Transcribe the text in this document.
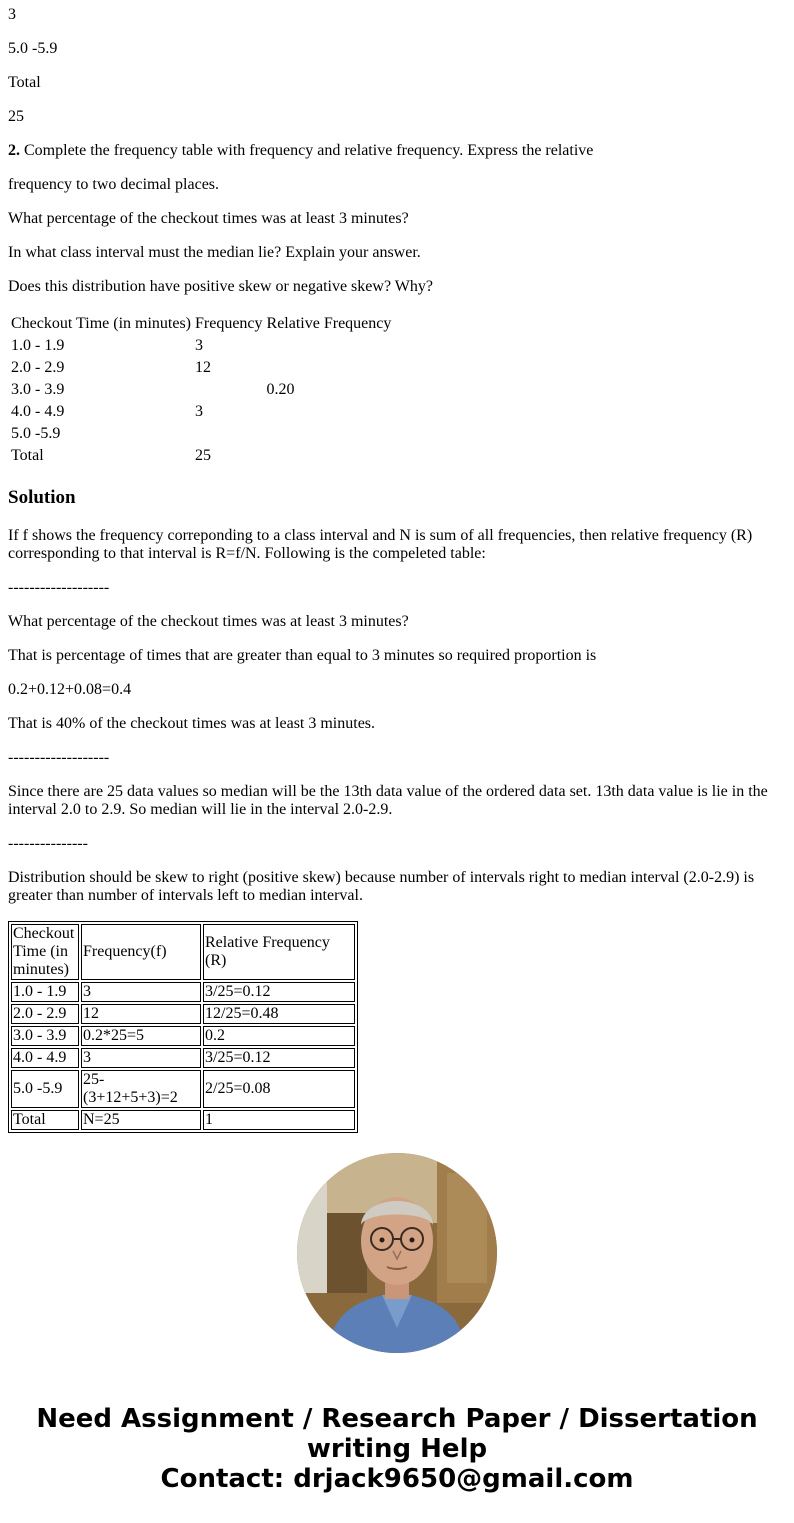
3

5.0 -5.9

Total

25

2. Complete the frequency table with frequency and relative frequency. Express the relative

frequency to two decimal places.

What percentage of the checkout times was at least 3 minutes?

In what class interval must the median lie? Explain your answer.

Does this distribution have positive skew or negative skew? Why?

Checkout Time (in minutes)	Frequency	Relative Frequency
1.0 - 1.9	3	
2.0 - 2.9	12	
3.0 - 3.9		0.20
4.0 - 4.9	3	
5.0 -5.9		
Total	25	
Solution

If f shows the frequency correponding to a class interval and N is sum of all frequencies, then relative frequency (R) corresponding to that interval is R=f/N. Following is the compeleted table:

-------------------

What percentage of the checkout times was at least 3 minutes?

That is percentage of times that are greater than equal to 3 minutes so required proportion is

0.2+0.12+0.08=0.4

That is 40% of the checkout times was at least 3 minutes.

-------------------

Since there are 25 data values so median will be the 13th data value of the ordered data set. 13th data value is lie in the interval 2.0 to 2.9. So median will lie in the interval 2.0-2.9.

---------------

Distribution should be skew to right (positive skew) because number of intervals right to median interval (2.0-2.9) is greater than number of intervals left to median interval.

Checkout Time (in minutes)	Frequency(f)	Relative Frequency (R)
1.0 - 1.9	3	3/25=0.12
2.0 - 2.9	12	12/25=0.48
3.0 - 3.9	0.2*25=5	0.2
4.0 - 4.9	3	3/25=0.12
5.0 -5.9	25-(3+12+5+3)=2	2/25=0.08
Total	N=25	1
Need Assignment / Research Paper / Dissertation
writing Help
Contact: drjack9650@gmail.com
